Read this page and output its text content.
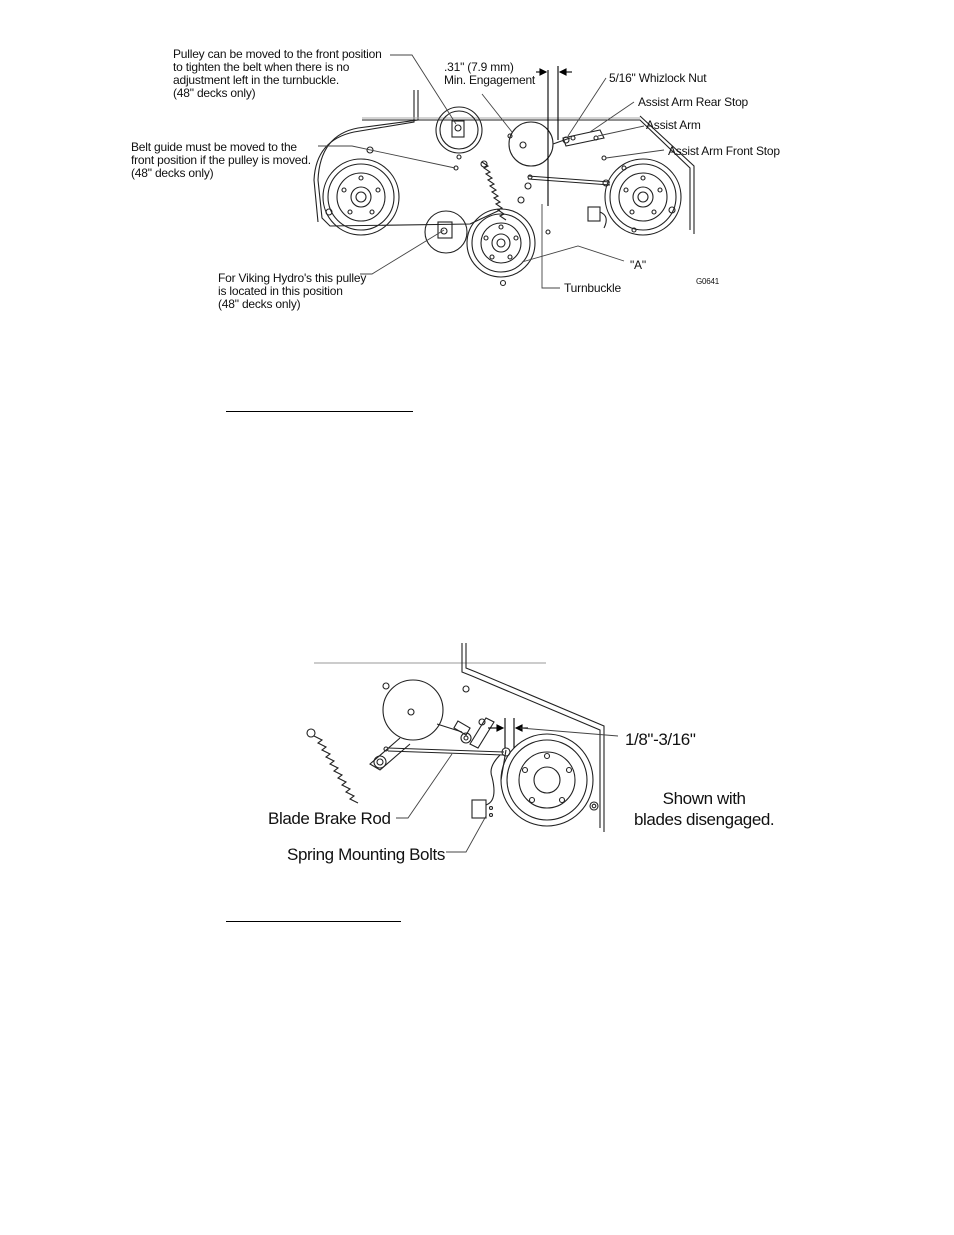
Pulley can be moved to the front position
to tighten the belt when there is no
adjustment left in the turnbuckle.
(48" decks only)
Belt guide must be moved to the
front position if the pulley is moved.
(48" decks only)
For Viking Hydro's this pulley
is located in this position
(48" decks only)
.31" (7.9 mm)
Min. Engagement	5/16" Whizlock Nut
Assist Arm Rear Stop
Assist Arm
Assist Arm Front Stop
"A"
Turnbuckle	G0641
1/8"-3/16"
Blade Brake Rod
Spring Mounting Bolts
Shown with
blades disengaged.
